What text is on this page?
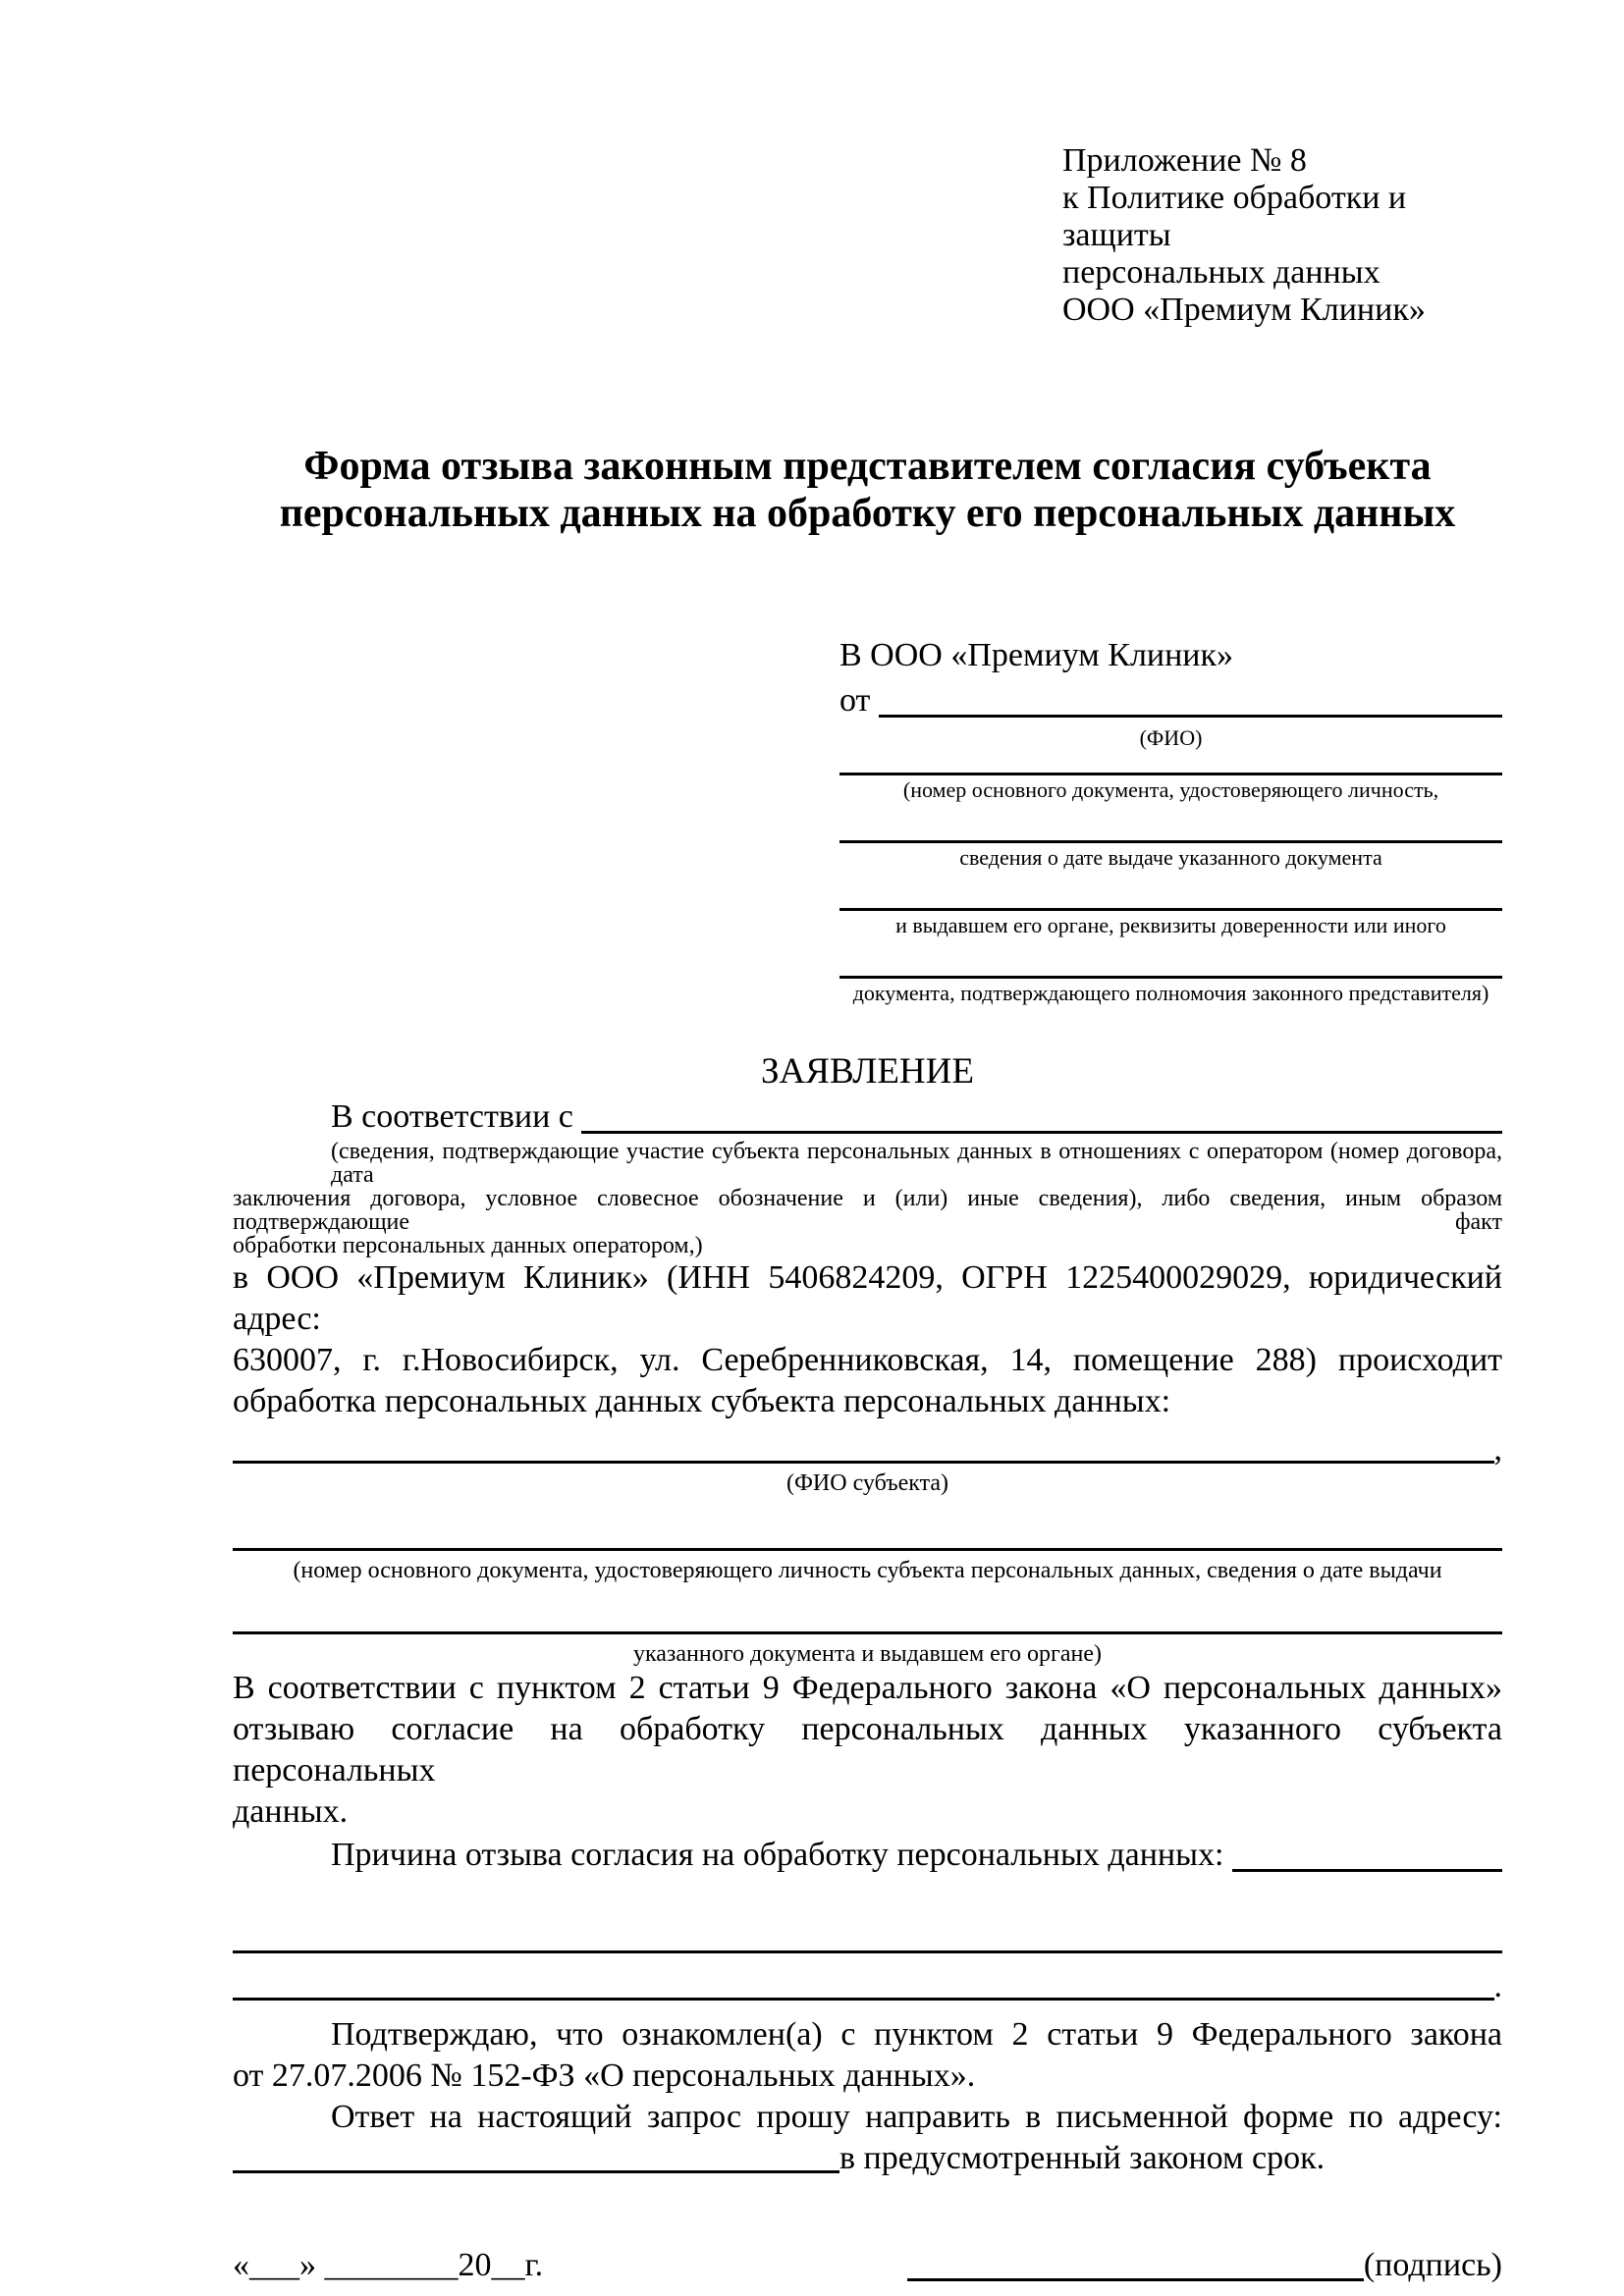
Приложение № 8
к Политике обработки и защиты
персональных данных
ООО «Премиум Клиник»
Форма отзыва законным представителем согласия субъекта персональных данных на обработку его персональных данных
В ООО «Премиум Клиник»
от
(ФИО)
(номер основного документа, удостоверяющего личность,
сведения о дате выдаче указанного документа
и выдавшем его органе, реквизиты доверенности или иного
документа, подтверждающего полномочия законного представителя)
ЗАЯВЛЕНИЕ
В соответствии с
(сведения, подтверждающие участие субъекта персональных данных в отношениях с оператором (номер договора, дата
заключения договора, условное словесное обозначение и (или) иные сведения), либо сведения, иным образом подтверждающие факт
обработки персональных данных оператором,)
в ООО «Премиум Клиник» (ИНН 5406824209, ОГРН 1225400029029, юридический адрес:
630007, г. г.Новосибирск, ул. Серебренниковская, 14, помещение 288) происходит
обработка персональных данных субъекта персональных данных:
,
(ФИО субъекта)
(номер основного документа, удостоверяющего личность субъекта персональных данных, сведения о дате выдачи
указанного документа и выдавшем его органе)
В соответствии с пунктом 2 статьи 9 Федерального закона «О персональных данных»
отзываю согласие на обработку персональных данных указанного субъекта персональных
данных.
Причина отзыва согласия на обработку персональных данных:
.
Подтверждаю, что ознакомлен(а) с пунктом 2 статьи 9 Федерального закона
от 27.07.2006 № 152-ФЗ «О персональных данных».
Ответ на настоящий запрос прошу направить в письменной форме по адресу:
в предусмотренный законом срок.
«___» ________20__г.	(подпись)
